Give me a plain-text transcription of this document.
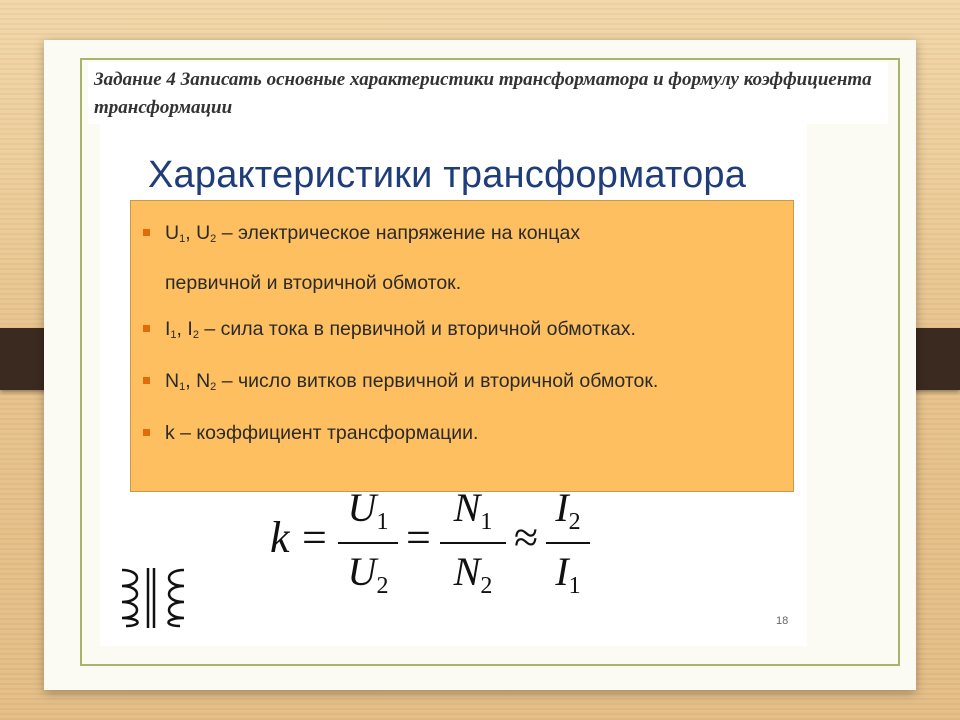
Задание 4 Записать основные характеристики трансформатора и формулу коэффициента трансформации
Характеристики трансформатора
$U_1$, $U_2$ – электрическое напряжение на концах
первичной и вторичной обмоток.
$I_1$, $I_2$ – сила тока в первичной и вторичной обмотках.
$N_1$, $N_2$ – число витков первичной и вторичной обмоток.
k – коэффициент трансформации.
k =
$U_1$
$U_2$
=
$N_1$
$N_2$
≈
$I_2$
$I_1$
18
